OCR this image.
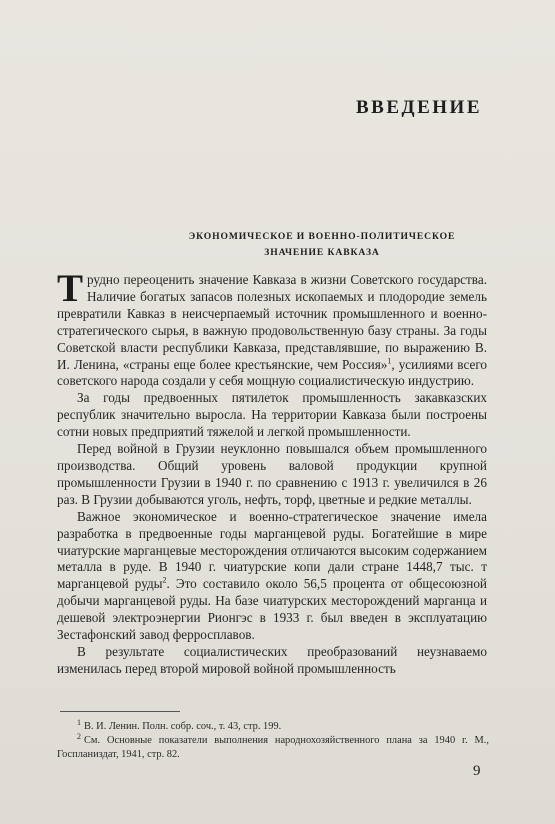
ВВЕДЕНИЕ
ЭКОНОМИЧЕСКОЕ И ВОЕННО-ПОЛИТИЧЕСКОЕ
ЗНАЧЕНИЕ КАВКАЗА

Трудно переоценить значение Кавказа в жизни Советского государства. Наличие богатых запасов полезных ископаемых и плодородие земель превратили Кавказ в неисчерпаемый источник промышленного и военно-стратегического сырья, в важную продовольственную базу страны. За годы Советской власти республики Кавказа, представлявшие, по выражению В. И. Ленина, «страны еще более крестьянские, чем Россия»$^1$, усилиями всего советского народа создали у себя мощную социалистическую индустрию.

За годы предвоенных пятилеток промышленность закавказских республик значительно выросла. На территории Кавказа были построены сотни новых предприятий тяжелой и легкой промышленности.

Перед войной в Грузии неуклонно повышался объем промышленного производства. Общий уровень валовой продукции крупной промышленности Грузии в 1940 г. по сравнению с 1913 г. увеличился в 26 раз. В Грузии добываются уголь, нефть, торф, цветные и редкие металлы.

Важное экономическое и военно-стратегическое значение имела разработка в предвоенные годы марганцевой руды. Богатейшие в мире чиатурские марганцевые месторождения отличаются высоким содержанием металла в руде. В 1940 г. чиатурские копи дали стране 1448,7 тыс. т марганцевой руды$^2$. Это составило около 56,5 процента от общесоюзной добычи марганцевой руды. На базе чиатурских месторождений марганца и дешевой электроэнергии Рионгэс в 1933 г. был введен в эксплуатацию Зестафонский завод ферросплавов.

В результате социалистических преобразований неузнаваемо изменилась перед второй мировой войной промышленность

$^1$ В. И. Ленин. Полн. собр. соч., т. 43, стр. 199.

$^2$ См. Основные показатели выполнения народнохозяйственного плана за 1940 г. М., Госпланиздат, 1941, стр. 82.

9
